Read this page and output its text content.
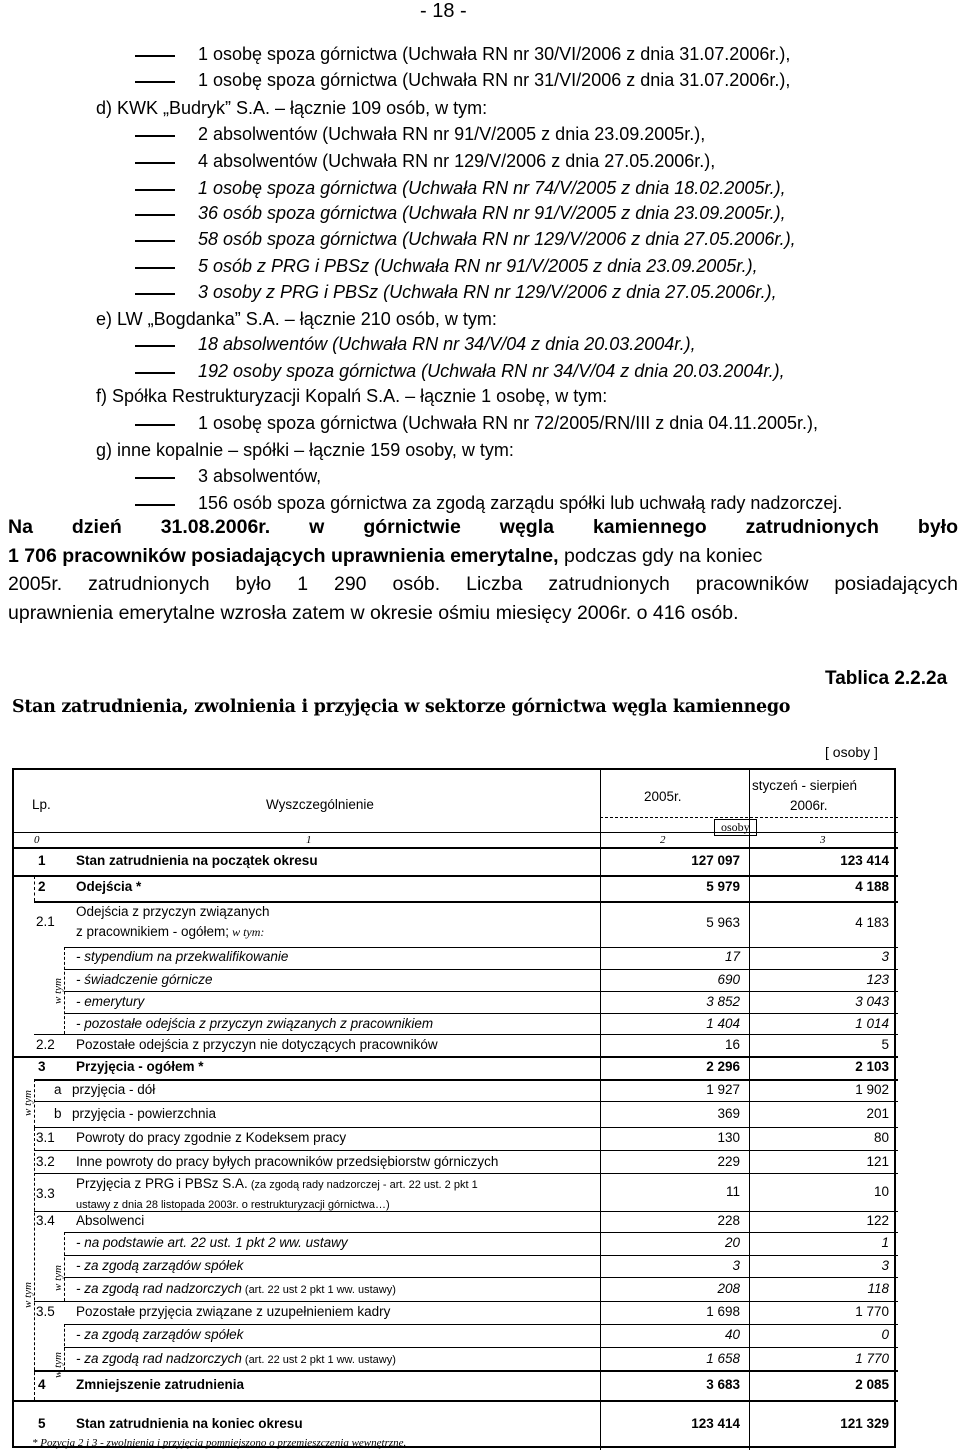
- 18 -
1 osobę spoza górnictwa (Uchwała RN nr 30/VI/2006 z dnia 31.07.2006r.),
1 osobę spoza górnictwa (Uchwała RN nr 31/VI/2006 z dnia 31.07.2006r.),
d) KWK „Budryk” S.A. – łącznie 109 osób, w tym:
2 absolwentów (Uchwała RN nr 91/V/2005 z dnia 23.09.2005r.),
4 absolwentów (Uchwała RN nr 129/V/2006 z dnia 27.05.2006r.),
1 osobę spoza górnictwa (Uchwała RN nr 74/V/2005 z dnia 18.02.2005r.),
36 osób spoza górnictwa (Uchwała RN nr 91/V/2005 z dnia 23.09.2005r.),
58 osób spoza górnictwa (Uchwała RN nr 129/V/2006 z dnia 27.05.2006r.),
5 osób z PRG i PBSz (Uchwała RN nr 91/V/2005 z dnia 23.09.2005r.),
3 osoby z PRG i PBSz (Uchwała RN nr 129/V/2006 z dnia 27.05.2006r.),
e) LW „Bogdanka” S.A. – łącznie 210 osób, w tym:
18 absolwentów (Uchwała RN nr 34/V/04 z dnia 20.03.2004r.),
192 osoby spoza górnictwa (Uchwała RN nr 34/V/04 z dnia 20.03.2004r.),
f) Spółka Restrukturyzacji Kopalń S.A. – łącznie 1 osobę, w tym:
1 osobę spoza górnictwa (Uchwała RN nr 72/2005/RN/III z dnia 04.11.2005r.),
g) inne kopalnie – spółki – łącznie 159 osoby, w tym:
3 absolwentów,
156 osób spoza górnictwa za zgodą zarządu spółki lub uchwałą rady nadzorczej.
Na dzień 31.08.2006r. w górnictwie węgla kamiennego zatrudnionych było
1 706 pracowników posiadających uprawnienia emerytalne, podczas gdy na koniec
2005r. zatrudnionych było 1 290 osób. Liczba zatrudnionych pracowników posiadających
uprawnienia emerytalne wzrosła zatem w okresie ośmiu miesięcy 2006r. o 416 osób.
Tablica 2.2.2a
Stan zatrudnienia, zwolnienia i przyjęcia w sektorze górnictwa węgla kamiennego
[ osoby ]
Lp.	Wyszczególnienie
2005r.
styczeń - sierpień
2006r.
osoby
0	1	2	3
1 Stan zatrudnienia na początek okresu	127 097	123 414
2 Odejścia *	5 979	4 188
2.1
Odejścia z przyczyn związanych
z pracownikiem - ogółem; w tym:
5 963	4 183
- stypendium na przekwalifikowanie	17	3
- świadczenie górnicze	690	123
- emerytury	3 852	3 043
- pozostałe odejścia z przyczyn związanych z pracownikiem	1 404	1 014
2.2 Pozostałe odejścia z przyczyn nie dotyczących pracowników	16	5
3 Przyjęcia - ogółem *	2 296	2 103
a przyjęcia - dół	1 927	1 902
b przyjęcia - powierzchnia	369	201
3.1 Powroty do pracy zgodnie z Kodeksem pracy	130	80
3.2 Inne powroty do pracy byłych pracowników przedsiębiorstw górniczych	229	121
3.3
Przyjęcia z PRG i PBSz S.A. (za zgodą rady nadzorczej - art. 22 ust. 2 pkt 1
ustawy z dnia 28 listopada 2003r. o restrukturyzacji górnictwa…)
11	10
3.4 Absolwenci	228	122
- na podstawie art. 22 ust. 1 pkt 2 ww. ustawy	20	1
- za zgodą zarządów spółek	3	3
- za zgodą rad nadzorczych (art. 22 ust 2 pkt 1 ww. ustawy)	208	118
3.5 Pozostałe przyjęcia związane z uzupełnieniem kadry	1 698	1 770
- za zgodą zarządów spółek	40	0
- za zgodą rad nadzorczych (art. 22 ust 2 pkt 1 ww. ustawy)	1 658	1 770
4 Zmniejszenie zatrudnienia	3 683	2 085
5 Stan zatrudnienia na koniec okresu	123 414	121 329
w tym
w tym
w tym
w tym
w tym
* Pozycja 2 i 3 - zwolnienia i przyjęcia pomniejszono o przemieszczenia wewnętrzne.
